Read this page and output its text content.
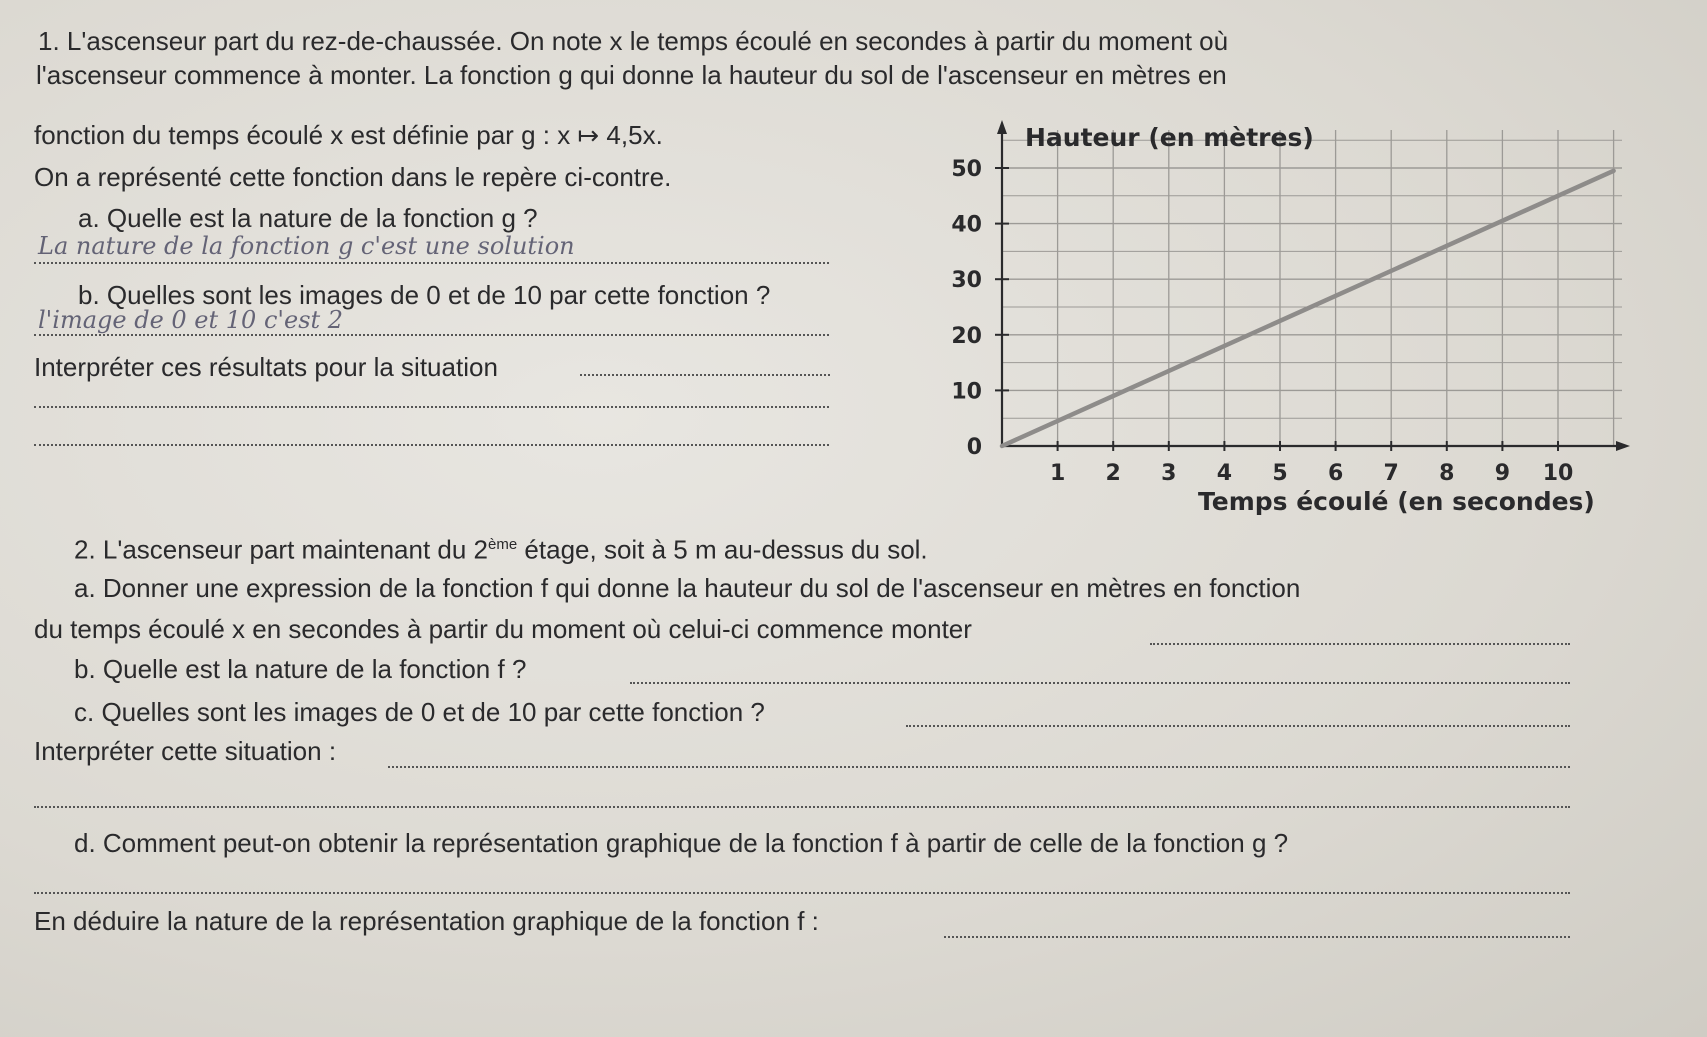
1. L'ascenseur part du rez-de-chaussée. On note x le temps écoulé en secondes à partir du moment où
l'ascenseur commence à monter. La fonction g qui donne la hauteur du sol de l'ascenseur en mètres en
fonction du temps écoulé x est définie par g : x ↦ 4,5x.
On a représenté cette fonction dans le repère ci-contre.
a. Quelle est la nature de la fonction g ?
La nature de la fonction g c'est une solution
b. Quelles sont les images de 0 et de 10 par cette fonction ?
l'image de 0 et 10 c'est 2
Interpréter ces résultats pour la situation
1 2 3 4 5 6 7 8 9 10
0
10
20
30
40
50
Hauteur (en mètres)
Temps écoulé (en secondes)
2. L'ascenseur part maintenant du 2ème étage, soit à 5 m au-dessus du sol.
a. Donner une expression de la fonction f qui donne la hauteur du sol de l'ascenseur en mètres en fonction
du temps écoulé x en secondes à partir du moment où celui-ci commence monter
b. Quelle est la nature de la fonction f ?
c. Quelles sont les images de 0 et de 10 par cette fonction ?
Interpréter cette situation :
d. Comment peut-on obtenir la représentation graphique de la fonction f à partir de celle de la fonction g ?
En déduire la nature de la représentation graphique de la fonction f :
